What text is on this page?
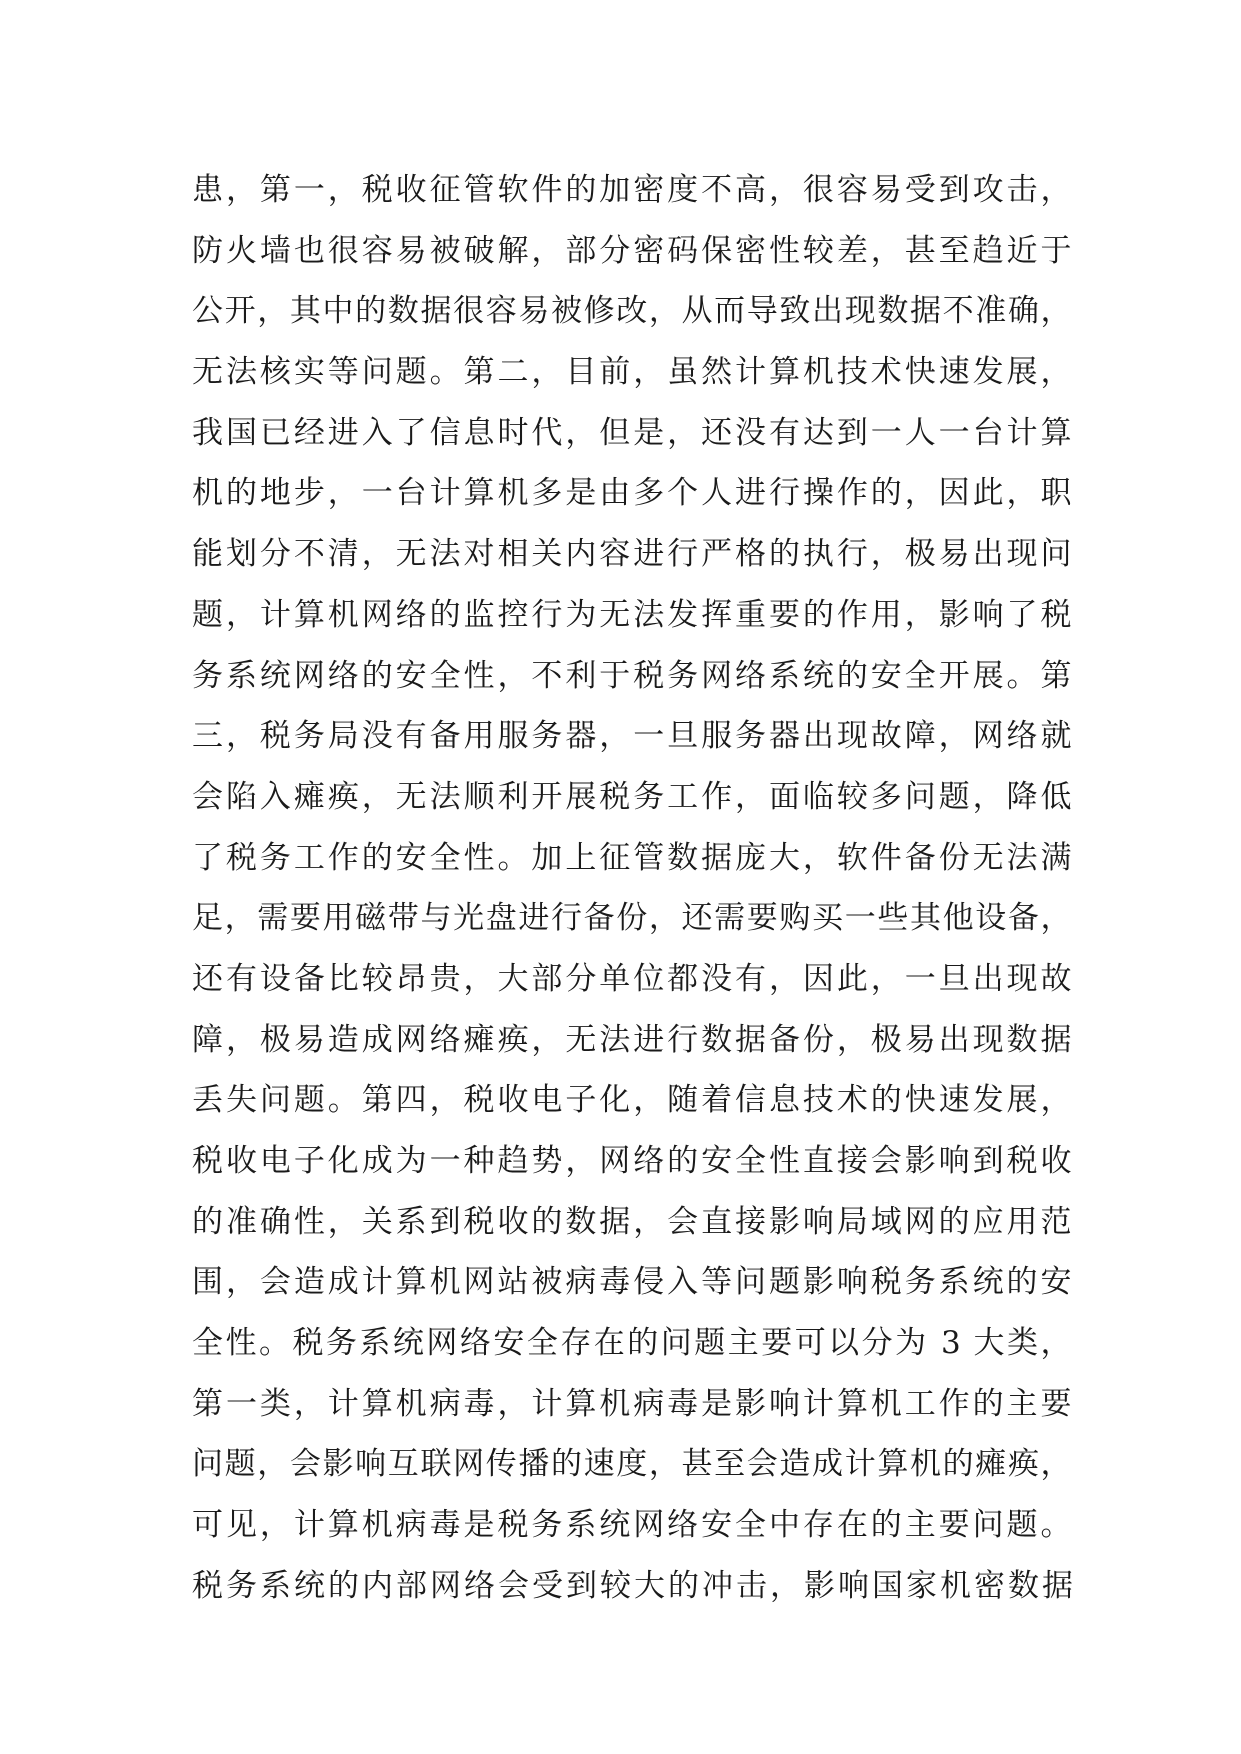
患，第一，税收征管软件的加密度不高，很容易受到攻击，
防火墙也很容易被破解，部分密码保密性较差，甚至趋近于
公开，其中的数据很容易被修改，从而导致出现数据不准确，
无法核实等问题。第二，目前，虽然计算机技术快速发展，
我国已经进入了信息时代，但是，还没有达到一人一台计算
机的地步，一台计算机多是由多个人进行操作的，因此，职
能划分不清，无法对相关内容进行严格的执行，极易出现问
题，计算机网络的监控行为无法发挥重要的作用，影响了税
务系统网络的安全性，不利于税务网络系统的安全开展。第
三，税务局没有备用服务器，一旦服务器出现故障，网络就
会陷入瘫痪，无法顺利开展税务工作，面临较多问题，降低
了税务工作的安全性。加上征管数据庞大，软件备份无法满
足，需要用磁带与光盘进行备份，还需要购买一些其他设备，
还有设备比较昂贵，大部分单位都没有，因此，一旦出现故
障，极易造成网络瘫痪，无法进行数据备份，极易出现数据
丢失问题。第四，税收电子化，随着信息技术的快速发展，
税收电子化成为一种趋势，网络的安全性直接会影响到税收
的准确性，关系到税收的数据，会直接影响局域网的应用范
围，会造成计算机网站被病毒侵入等问题影响税务系统的安
全性。税务系统网络安全存在的问题主要可以分为 3 大类，
第一类，计算机病毒，计算机病毒是影响计算机工作的主要
问题，会影响互联网传播的速度，甚至会造成计算机的瘫痪，
可见，计算机病毒是税务系统网络安全中存在的主要问题。
税务系统的内部网络会受到较大的冲击，影响国家机密数据
